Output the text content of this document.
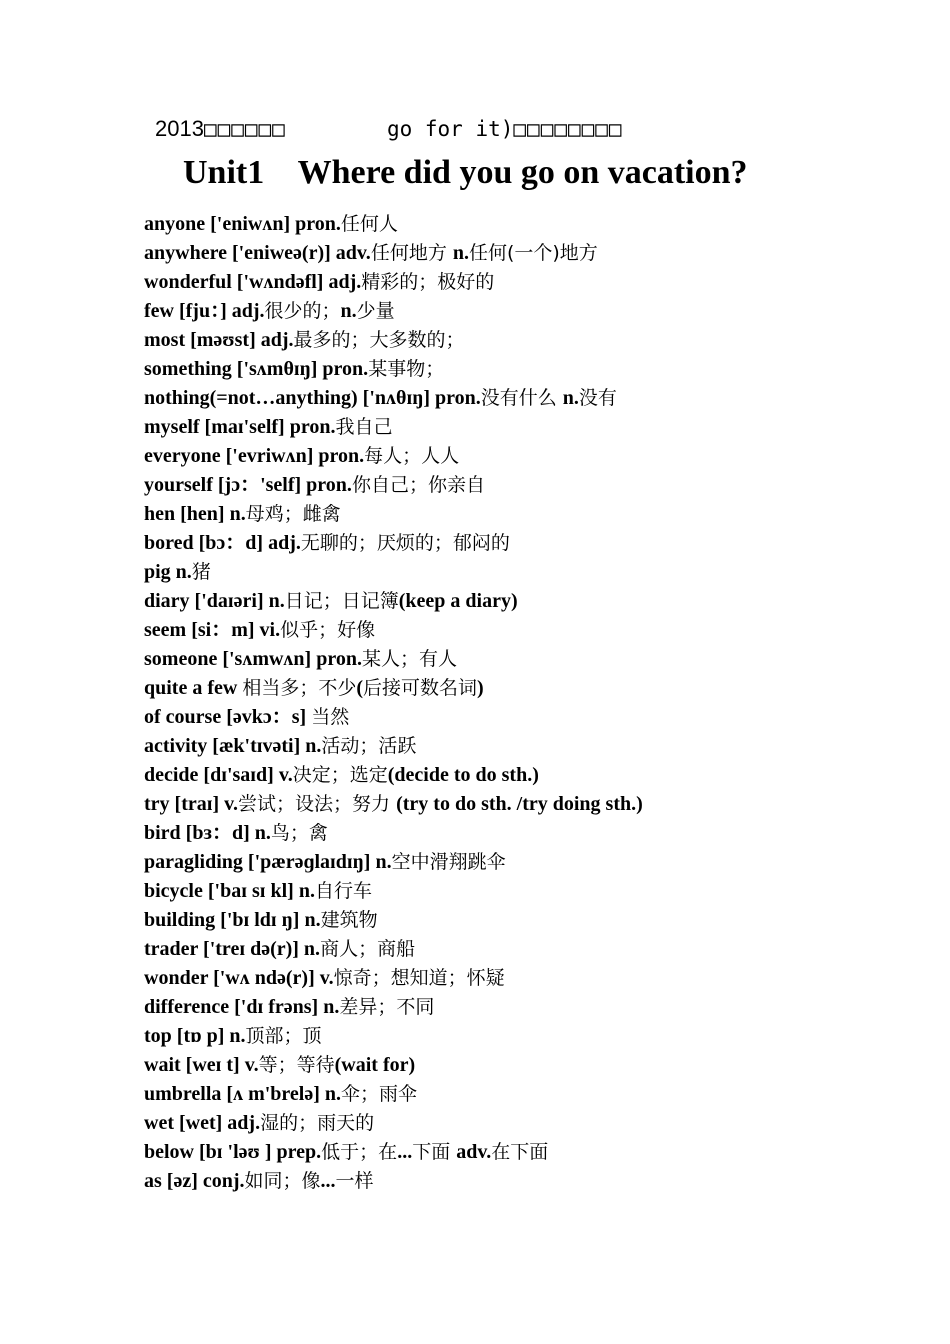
2013□□□□□□	go for it)□□□□□□□□
Unit1    Where did you go on vacation?
anyone ['eniwʌn] pron.任何人
anywhere ['eniweə(r)] adv.任何地方 n.任何(一个)地方
wonderful ['wʌndəfl] adj.精彩的；极好的
few [fju：] adj.很少的；n.少量
most [məʊst] adj.最多的；大多数的；
something ['sʌmθɪŋ] pron.某事物；
nothing(=not…anything) ['nʌθɪŋ] pron.没有什么 n.没有
myself [maɪ'self] pron.我自己
everyone ['evriwʌn] pron.每人；人人
yourself [jɔ：'self] pron.你自己；你亲自
hen [hen] n.母鸡；雌禽
bored [bɔ：d] adj.无聊的；厌烦的；郁闷的
pig n.猪
diary ['daɪəri] n.日记；日记簿(keep a diary)
seem [si：m] vi.似乎；好像
someone ['sʌmwʌn] pron.某人；有人
quite a few 相当多；不少(后接可数名词)
of course [əvkɔ：s] 当然
activity [æk'tɪvəti] n.活动；活跃
decide [dɪ'saɪd] v.决定；选定(decide to do sth.)
try [traɪ] v.尝试；设法；努力 (try to do sth. /try doing sth.)
bird [bɜ：d] n.鸟；禽
paragliding ['pærəɡlaɪdɪŋ] n.空中滑翔跳伞
bicycle ['baɪ sɪ kl] n.自行车
building ['bɪ ldɪ ŋ] n.建筑物
trader ['treɪ də(r)] n.商人；商船
wonder ['wʌ ndə(r)] v.惊奇；想知道；怀疑
difference ['dɪ frəns] n.差异；不同
top [tɒ p] n.顶部；顶
wait [weɪ t] v.等；等待(wait for)
umbrella [ʌ m'brelə] n.伞；雨伞
wet [wet] adj.湿的；雨天的
below [bɪ 'ləʊ ] prep.低于；在...下面 adv.在下面
as [əz] conj.如同；像...一样
